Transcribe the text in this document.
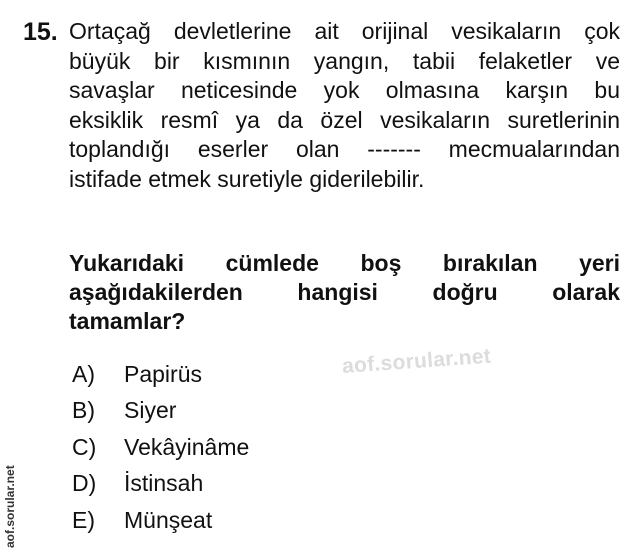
15. Ortaçağ devletlerine ait orijinal vesikaların çok
büyük bir kısmının yangın, tabii felaketler ve
savaşlar neticesinde yok olmasına karşın bu
eksiklik resmî ya da özel vesikaların suretlerinin
toplandığı eserler olan ------- mecmualarından
istifade etmek suretiyle giderilebilir.
Yukarıdaki cümlede boş bırakılan yeri
aşağıdakilerden hangisi doğru olarak
tamamlar?
aof.sorular.net
A)	Papirüs
B)	Siyer
C)	Vekâyinâme
D)	İstinsah
E)	Münşeat
aof.sorular.net
